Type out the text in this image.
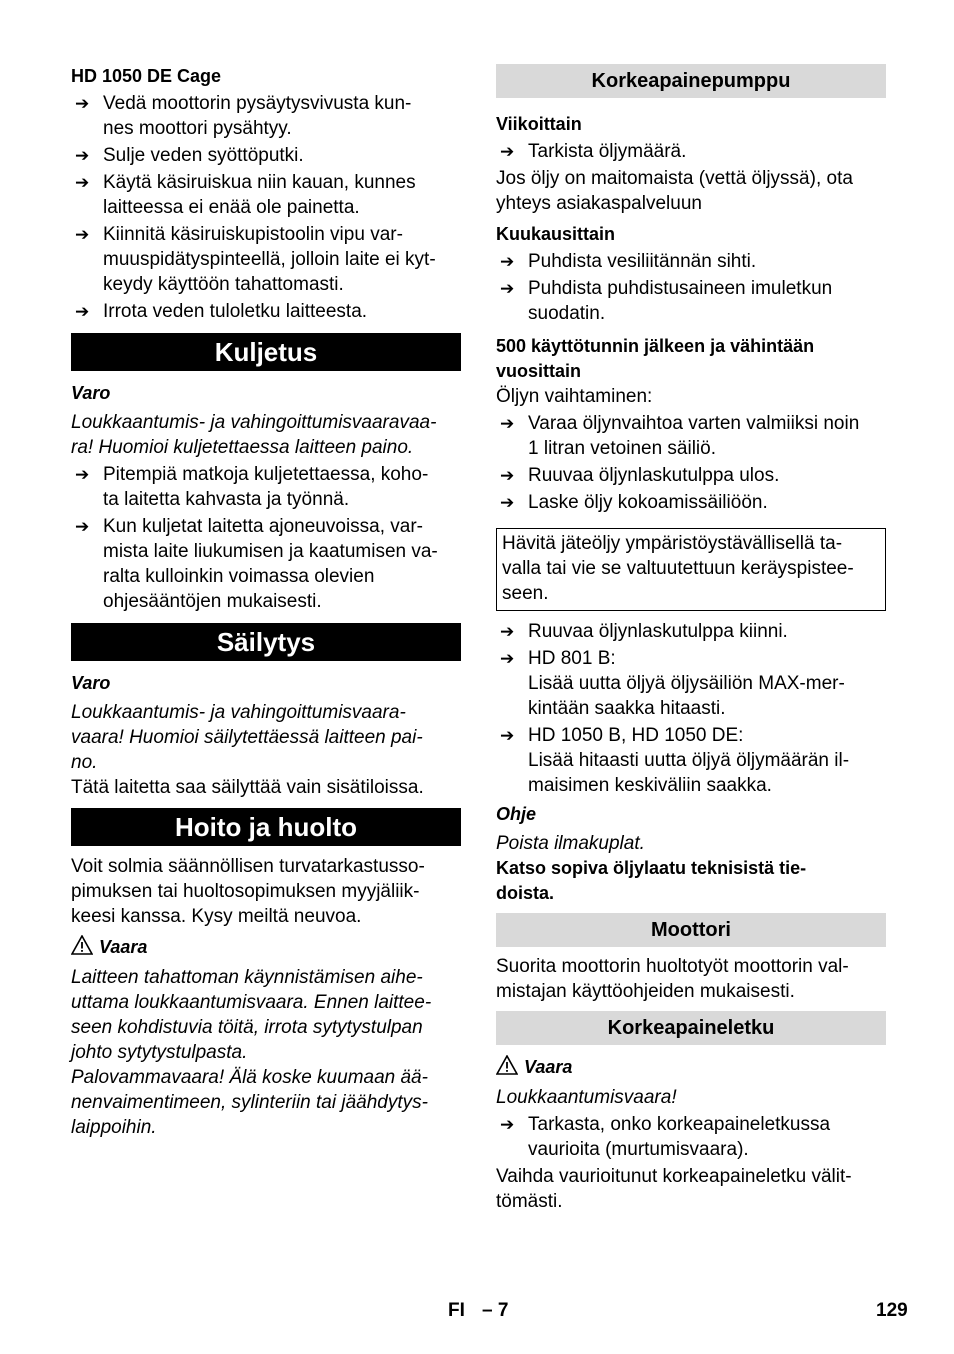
HD 1050 DE Cage
➔ Vedä moottorin pysäytysvivusta kun-
nes moottori pysähtyy.
➔ Sulje veden syöttöputki.
➔ Käytä käsiruiskua niin kauan, kunnes
laitteessa ei enää ole painetta.
➔ Kiinnitä käsiruiskupistoolin vipu var-
muuspidätyspinteellä, jolloin laite ei kyt-
keydy käyttöön tahattomasti.
➔ Irrota veden tuloletku laitteesta.
Kuljetus
Varo
Loukkaantumis- ja vahingoittumisvaaravaa-
ra! Huomioi kuljetettaessa laitteen paino.
➔ Pitempiä matkoja kuljetettaessa, koho-
ta laitetta kahvasta ja työnnä.
➔ Kun kuljetat laitetta ajoneuvoissa, var-
mista laite liukumisen ja kaatumisen va-
ralta kulloinkin voimassa olevien
ohjesääntöjen mukaisesti.
Säilytys
Varo
Loukkaantumis- ja vahingoittumisvaara-
vaara! Huomioi säilytettäessä laitteen pai-
no.
Tätä laitetta saa säilyttää vain sisätiloissa.
Hoito ja huolto
Voit solmia säännöllisen turvatarkastusso-
pimuksen tai huoltosopimuksen myyjäliik-
keesi kanssa. Kysy meiltä neuvoa.
Vaara
Laitteen tahattoman käynnistämisen aihe-
uttama loukkaantumisvaara. Ennen laittee-
seen kohdistuvia töitä, irrota sytytystulpan
johto sytytystulpasta.
Palovammavaara! Älä koske kuumaan ää-
nenvaimentimeen, sylinteriin tai jäähdytys-
laippoihin.
Korkeapainepumppu
Viikoittain
➔ Tarkista öljymäärä.
Jos öljy on maitomaista (vettä öljyssä), ota
yhteys asiakaspalveluun
Kuukausittain
➔ Puhdista vesiliitännän sihti.
➔ Puhdista puhdistusaineen imuletkun
suodatin.
500 käyttötunnin jälkeen ja vähintään
vuosittain
Öljyn vaihtaminen:
➔ Varaa öljynvaihtoa varten valmiiksi noin
1 litran vetoinen säiliö.
➔ Ruuvaa öljynlaskutulppa ulos.
➔ Laske öljy kokoamissäiliöön.
Hävitä jäteöljy ympäristöystävällisellä ta-
valla tai vie se valtuutettuun keräyspistee-
seen.
➔ Ruuvaa öljynlaskutulppa kiinni.
➔ HD 801 B:
Lisää uutta öljyä öljysäiliön MAX-mer-
kintään saakka hitaasti.
➔ HD 1050 B, HD 1050 DE:
Lisää hitaasti uutta öljyä öljymäärän il-
maisimen keskiväliin saakka.
Ohje
Poista ilmakuplat.
Katso sopiva öljylaatu teknisistä tie-
doista.
Moottori
Suorita moottorin huoltotyöt moottorin val-
mistajan käyttöohjeiden mukaisesti.
Korkeapaineletku
Vaara
Loukkaantumisvaara!
➔ Tarkasta, onko korkeapaineletkussa
vaurioita (murtumisvaara).
Vaihda vaurioitunut korkeapaineletku välit-
tömästi.
FI – 7	129
